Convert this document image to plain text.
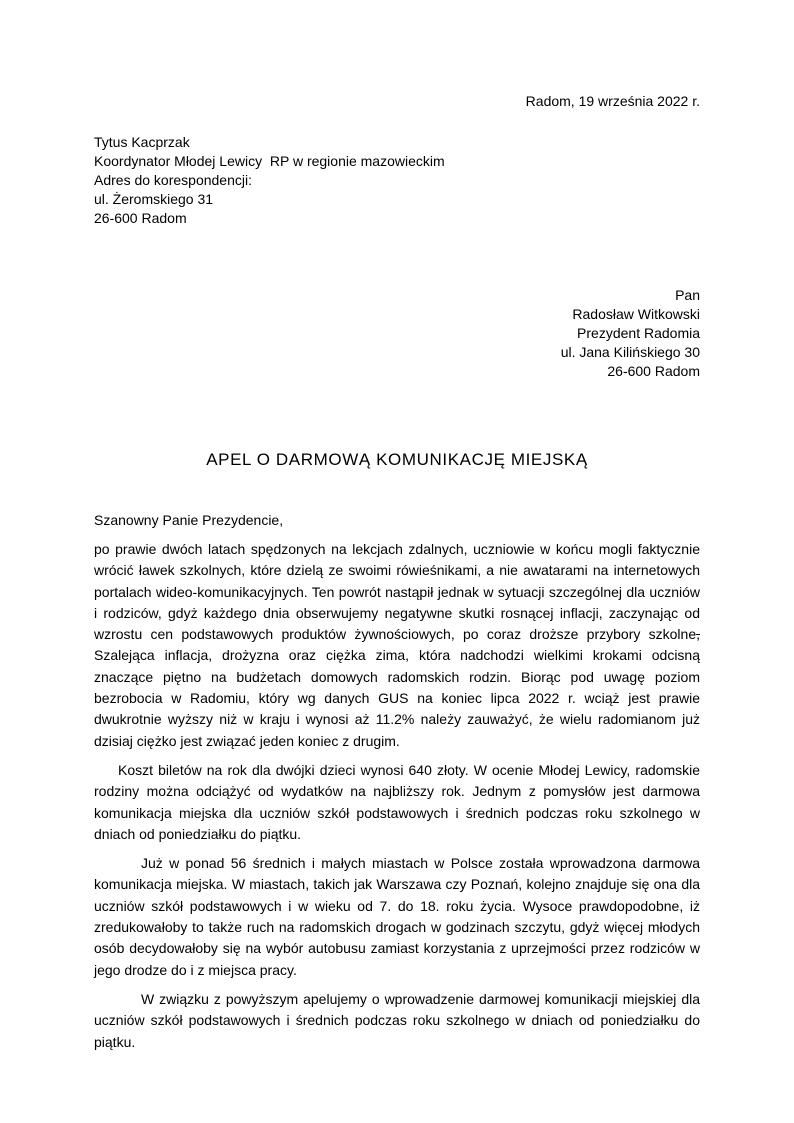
Radom, 19 września 2022 r.
Tytus Kacprzak
Koordynator Młodej Lewicy  RP w regionie mazowieckim
Adres do korespondencji:
ul. Żeromskiego 31
26-600 Radom
Pan
Radosław Witkowski
Prezydent Radomia
ul. Jana Kilińskiego 30
26-600 Radom
APEL O DARMOWĄ KOMUNIKACJĘ MIEJSKĄ
Szanowny Panie Prezydencie,

po prawie dwóch latach spędzonych na lekcjach zdalnych, uczniowie w końcu mogli faktycznie wrócić ławek szkolnych, które dzielą ze swoimi rówieśnikami, a nie awatarami na internetowych portalach wideo-komunikacyjnych. Ten powrót nastąpił jednak w sytuacji szczególnej dla uczniów i rodziców, gdyż każdego dnia obserwujemy negatywne skutki rosnącej inflacji, zaczynając od wzrostu cen podstawowych produktów żywnościowych, po coraz droższe przybory szkolne, Szalejąca inflacja, drożyzna oraz ciężka zima, która nadchodzi wielkimi krokami odcisną znaczące piętno na budżetach domowych radomskich rodzin. Biorąc pod uwagę poziom bezrobocia w Radomiu, który wg danych GUS na koniec lipca 2022 r. wciąż jest prawie dwukrotnie wyższy niż w kraju i wynosi aż 11.2% należy zauważyć, że wielu radomianom już dzisiaj ciężko jest związać jeden koniec z drugim.

Koszt biletów na rok dla dwójki dzieci wynosi 640 złoty. W ocenie Młodej Lewicy, radomskie rodziny można odciążyć od wydatków na najbliższy rok. Jednym z pomysłów jest darmowa komunikacja miejska dla uczniów szkół podstawowych i średnich podczas roku szkolnego w dniach od poniedziałku do piątku.

Już w ponad 56 średnich i małych miastach w Polsce została wprowadzona darmowa komunikacja miejska. W miastach, takich jak Warszawa czy Poznań, kolejno znajduje się ona dla uczniów szkół podstawowych i w wieku od 7. do 18. roku życia. Wysoce prawdopodobne, iż zredukowałoby to także ruch na radomskich drogach w godzinach szczytu, gdyż więcej młodych osób decydowałoby się na wybór autobusu zamiast korzystania z uprzejmości przez rodziców w jego drodze do i z miejsca pracy.

W związku z powyższym apelujemy o wprowadzenie darmowej komunikacji miejskiej dla uczniów szkół podstawowych i średnich podczas roku szkolnego w dniach od poniedziałku do piątku.
